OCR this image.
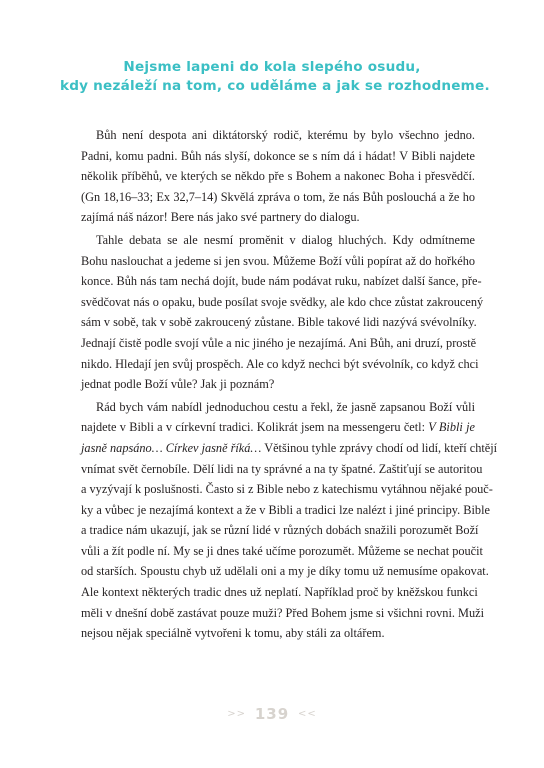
Nejsme lapeni do kola slepého osudu,
kdy nezáleží na tom, co uděláme a jak se rozhodneme.
Bůh není despota ani diktátorský rodič, kterému by bylo všechno jedno.
Padni, komu padni. Bůh nás slyší, dokonce se s ním dá i hádat! V Bibli najdete
několik příběhů, ve kterých se někdo pře s Bohem a nakonec Boha i přesvědčí.
(Gn 18,16–33; Ex 32,7–14) Skvělá zpráva o tom, že nás Bůh poslouchá a že ho
zajímá náš názor! Bere nás jako své partnery do dialogu.
Tahle debata se ale nesmí proměnit v dialog hluchých. Kdy odmítneme
Bohu naslouchat a jedeme si jen svou. Můžeme Boží vůli popírat až do hořkého
konce. Bůh nás tam nechá dojít, bude nám podávat ruku, nabízet další šance, pře-
svědčovat nás o opaku, bude posílat svoje svědky, ale kdo chce zůstat zakroucený
sám v sobě, tak v sobě zakroucený zůstane. Bible takové lidi nazývá svévolníky.
Jednají čistě podle svojí vůle a nic jiného je nezajímá. Ani Bůh, ani druzí, prostě
nikdo. Hledají jen svůj prospěch. Ale co když nechci být svévolník, co když chci
jednat podle Boží vůle? Jak ji poznám?
Rád bych vám nabídl jednoduchou cestu a řekl, že jasně zapsanou Boží vůli
najdete v Bibli a v církevní tradici. Kolikrát jsem na messengeru četl: V Bibli je
jasně napsáno… Církev jasně říká… Většinou tyhle zprávy chodí od lidí, kteří chtějí
vnímat svět černobíle. Dělí lidi na ty správné a na ty špatné. Zaštiťují se autoritou
a vyzývají k poslušnosti. Často si z Bible nebo z katechismu vytáhnou nějaké pouč-
ky a vůbec je nezajímá kontext a že v Bibli a tradici lze nalézt i jiné principy. Bible
a tradice nám ukazují, jak se různí lidé v různých dobách snažili porozumět Boží
vůli a žít podle ní. My se ji dnes také učíme porozumět. Můžeme se nechat poučit
od starších. Spoustu chyb už udělali oni a my je díky tomu už nemusíme opakovat.
Ale kontext některých tradic dnes už neplatí. Například proč by kněžskou funkci
měli v dnešní době zastávat pouze muži? Před Bohem jsme si všichni rovni. Muži
nejsou nějak speciálně vytvořeni k tomu, aby stáli za oltářem.
>> 139 <<
